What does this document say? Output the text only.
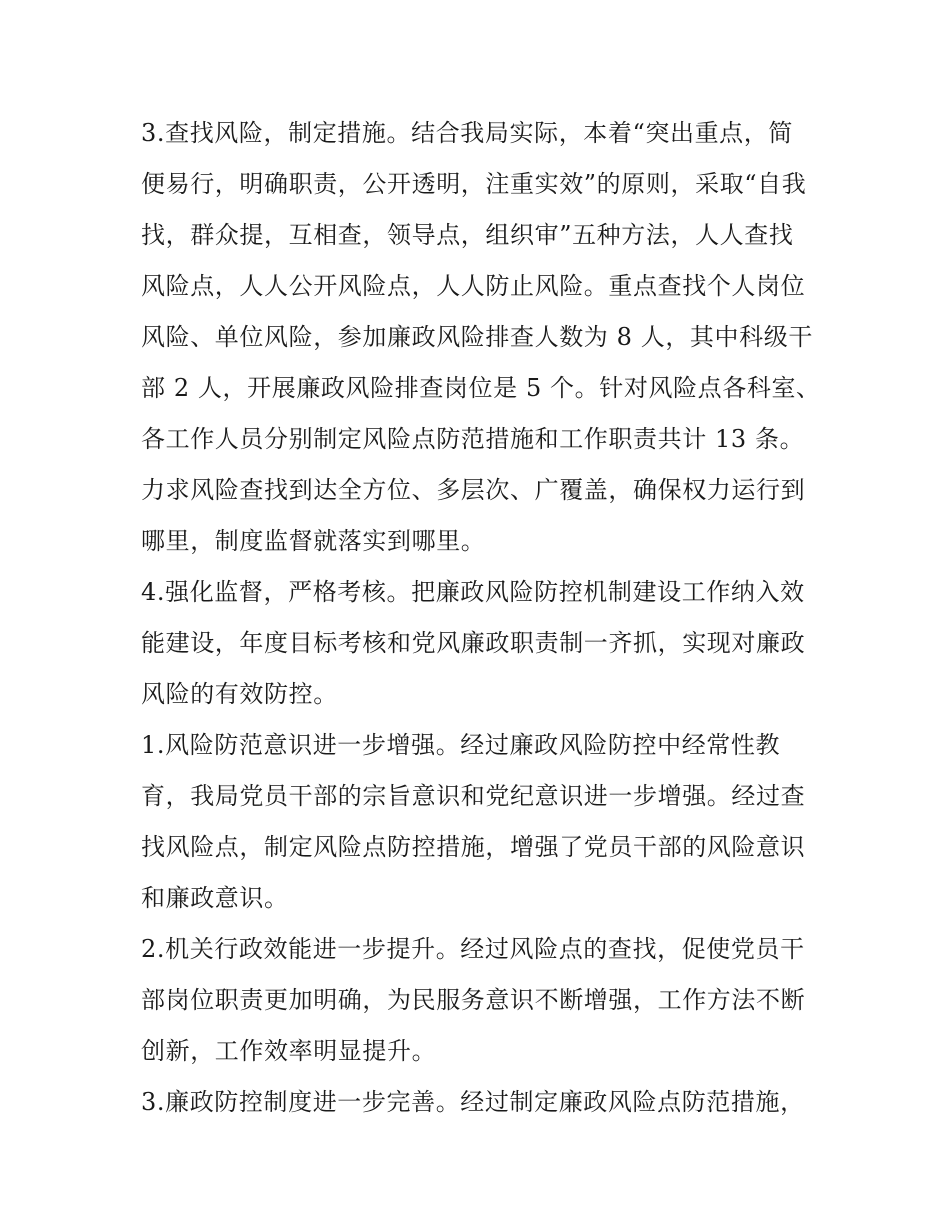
3.查找风险，制定措施。结合我局实际，本着“突出重点，简
便易行，明确职责，公开透明，注重实效”的原则，采取“自我
找，群众提，互相查，领导点，组织审”五种方法，人人查找
风险点，人人公开风险点，人人防止风险。重点查找个人岗位
风险、单位风险，参加廉政风险排查人数为 8 人，其中科级干
部 2 人，开展廉政风险排查岗位是 5 个。针对风险点各科室、
各工作人员分别制定风险点防范措施和工作职责共计 13 条。
力求风险查找到达全方位、多层次、广覆盖，确保权力运行到
哪里，制度监督就落实到哪里。
4.强化监督，严格考核。把廉政风险防控机制建设工作纳入效
能建设，年度目标考核和党风廉政职责制一齐抓，实现对廉政
风险的有效防控。
1.风险防范意识进一步增强。经过廉政风险防控中经常性教
育，我局党员干部的宗旨意识和党纪意识进一步增强。经过查
找风险点，制定风险点防控措施，增强了党员干部的风险意识
和廉政意识。
2.机关行政效能进一步提升。经过风险点的查找，促使党员干
部岗位职责更加明确，为民服务意识不断增强，工作方法不断
创新，工作效率明显提升。
3.廉政防控制度进一步完善。经过制定廉政风险点防范措施，
